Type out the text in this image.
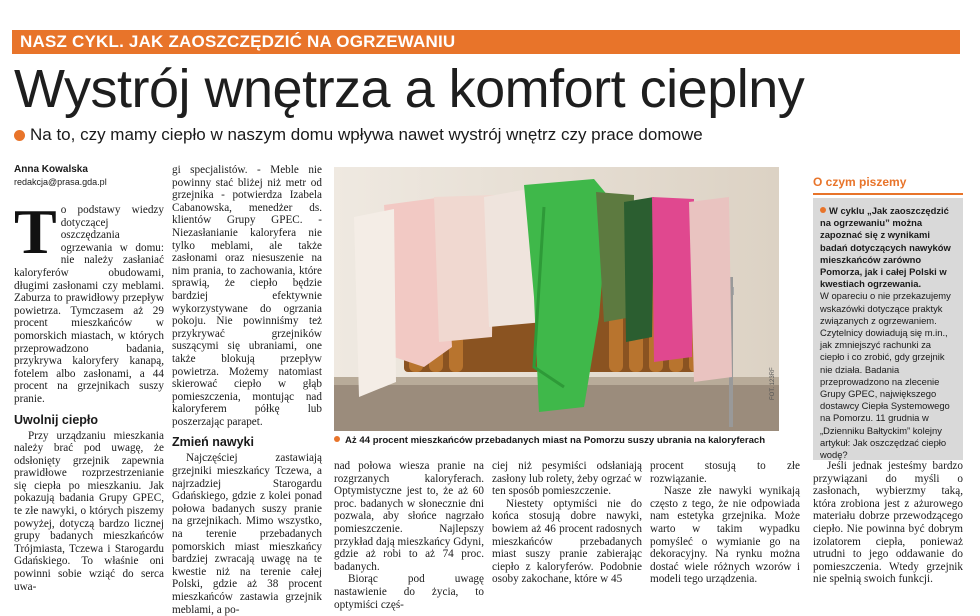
NASZ CYKL. JAK ZAOSZCZĘDZIĆ NA OGRZEWANIU
Wystrój wnętrza a komfort cieplny
Na to, czy mamy ciepło w naszym domu wpływa nawet wystrój wnętrz czy prace domowe
Anna Kowalska
redakcja@prasa.gda.pl

To podstawy wiedzy dotyczącej oszczędzania ogrzewania w domu: nie należy zasłaniać kaloryferów obudowami, długimi zasłonami czy meblami. Zaburza to prawidłowy przepływ powietrza. Tymczasem aż 29 procent mieszkańców w pomorskich miastach, w których przeprowadzono badania, przykrywa kaloryfery kanapą, fotelem albo zasłonami, a 44 procent na grzejnikach suszy pranie.

Uwolnij ciepło

Przy urządzaniu mieszkania należy brać pod uwagę, że odsłonięty grzejnik zapewnia prawidłowe rozprzestrzenianie się ciepła po mieszkaniu. Jak pokazują badania Grupy GPEC, te złe nawyki, o których piszemy powyżej, dotyczą bardzo licznej grupy badanych mieszkańców Trójmiasta, Tczewa i Starogardu Gdańskiego. To właśnie oni powinni sobie wziąć do serca uwa-

gi specjalistów. - Meble nie powinny stać bliżej niż metr od grzejnika - potwierdza Izabela Cabanowska, menedżer ds. klientów Grupy GPEC. - Niezasłanianie kaloryfera nie tylko meblami, ale także zasłonami oraz niesuszenie na nim prania, to zachowania, które sprawią, że ciepło będzie bardziej efektywnie wykorzystywane do ogrzania pokoju. Nie powinniśmy też przykrywać grzejników suszącymi się ubraniami, one także blokują przepływ powietrza. Możemy natomiast skierować ciepło w głąb pomieszczenia, montując nad kaloryferem półkę lub poszerzając parapet.

Zmień nawyki

Najczęściej zastawiają grzejniki mieszkańcy Tczewa, a najrzadziej Starogardu Gdańskiego, gdzie z kolei ponad połowa badanych suszy pranie na grzejnikach. Mimo wszystko, na terenie przebadanych pomorskich miast mieszkańcy bardziej zwracają uwagę na te kwestie niż na terenie całej Polski, gdzie aż 38 procent mieszkańców zastawia grzejnik meblami, a po-

FOT. 123RF
Aż 44 procent mieszkańców przebadanych miast na Pomorzu suszy ubrania na kaloryferach

nad połowa wiesza pranie na rozgrzanych kaloryferach. Optymistyczne jest to, że aż 60 proc. badanych w słonecznie dni pozwala, aby słońce nagrzało pomieszczenie. Najlepszy przykład dają mieszkańcy Gdyni, gdzie aż robi to aż 74 proc. badanych.

Biorąc pod uwagę nastawienie do życia, to optymiści częś-

ciej niż pesymiści odsłaniają zasłony lub rolety, żeby ogrzać w ten sposób pomieszczenie.

Niestety optymiści nie do końca stosują dobre nawyki, bowiem aż 46 procent radosnych mieszkańców przebadanych miast suszy pranie zabierając ciepło z kaloryferów. Podobnie osoby zakochane, które w 45

procent stosują to złe rozwiązanie.

Nasze złe nawyki wynikają często z tego, że nie odpowiada nam estetyka grzejnika. Może warto w takim wypadku pomyśleć o wymianie go na dekoracyjny. Na rynku można dostać wiele różnych wzorów i modeli tego urządzenia.

Jeśli jednak jesteśmy bardzo przywiązani do myśli o zasłonach, wybierzmy taką, która zrobiona jest z ażurowego materiału dobrze przewodzącego ciepło. Nie powinna być dobrym izolatorem ciepła, ponieważ utrudni to jego oddawanie do pomieszczenia. Wtedy grzejnik nie spełnią swoich funkcji.

O czym piszemy

W cyklu „Jak zaoszczędzić na ogrzewaniu” można zapoznać się z wynikami badań dotyczących nawyków mieszkańców zarówno Pomorza, jak i całej Polski w kwestiach ogrzewania.

W opareciu o nie przekazujemy wskazówki dotyczące praktyk związanych z ogrzewaniem. Czytelnicy dowiadują się m.in., jak zmniejszyć rachunki za ciepło i co zrobić, gdy grzejnik nie działa. Badania przeprowadzono na zlecenie Grupy GPEC, największego dostawcy Ciepła Systemowego na Pomorzu. 11 grudnia w „Dzienniku Bałtyckim” kolejny artykuł: Jak oszczędzać ciepło wodę?
